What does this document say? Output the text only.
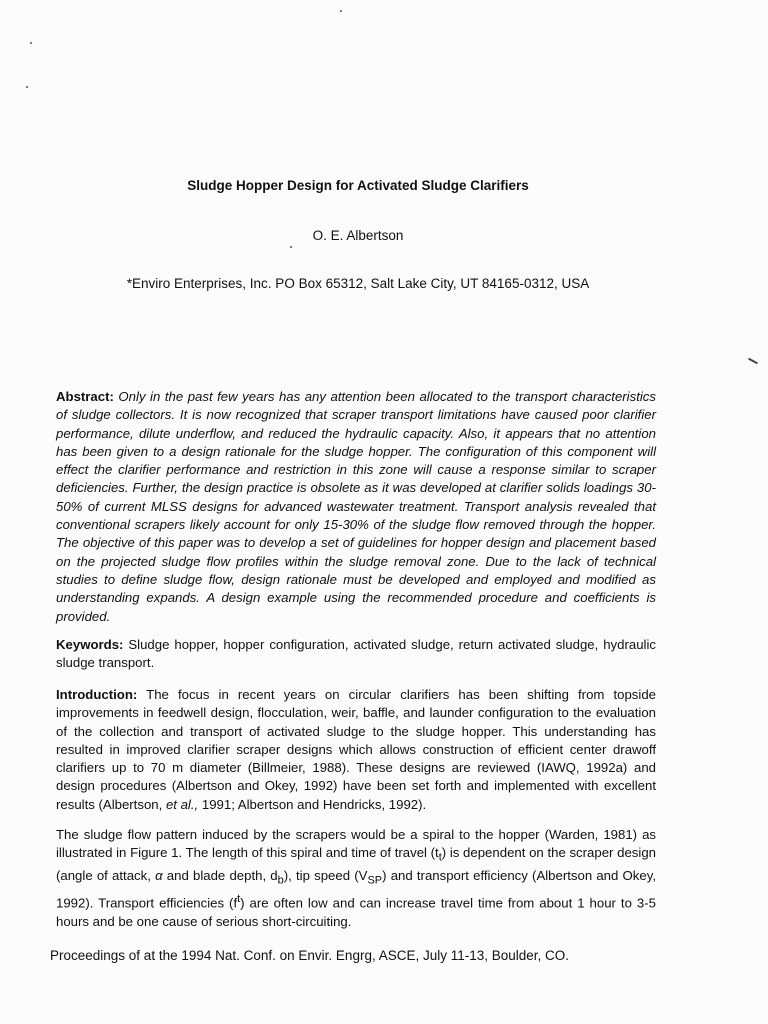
Sludge Hopper Design for Activated Sludge Clarifiers
O. E. Albertson
*Enviro Enterprises, Inc. PO Box 65312, Salt Lake City, UT 84165-0312, USA
Abstract: Only in the past few years has any attention been allocated to the transport characteristics of sludge collectors. It is now recognized that scraper transport limitations have caused poor clarifier performance, dilute underflow, and reduced the hydraulic capacity. Also, it appears that no attention has been given to a design rationale for the sludge hopper. The configuration of this component will effect the clarifier performance and restriction in this zone will cause a response similar to scraper deficiencies. Further, the design practice is obsolete as it was developed at clarifier solids loadings 30-50% of current MLSS designs for advanced wastewater treatment. Transport analysis revealed that conventional scrapers likely account for only 15-30% of the sludge flow removed through the hopper. The objective of this paper was to develop a set of guidelines for hopper design and placement based on the projected sludge flow profiles within the sludge removal zone. Due to the lack of technical studies to define sludge flow, design rationale must be developed and employed and modified as understanding expands. A design example using the recommended procedure and coefficients is provided.
Keywords: Sludge hopper, hopper configuration, activated sludge, return activated sludge, hydraulic sludge transport.
Introduction: The focus in recent years on circular clarifiers has been shifting from topside improvements in feedwell design, flocculation, weir, baffle, and launder configuration to the evaluation of the collection and transport of activated sludge to the sludge hopper. This understanding has resulted in improved clarifier scraper designs which allows construction of efficient center drawoff clarifiers up to 70 m diameter (Billmeier, 1988). These designs are reviewed (IAWQ, 1992a) and design procedures (Albertson and Okey, 1992) have been set forth and implemented with excellent results (Albertson, et al., 1991; Albertson and Hendricks, 1992).
The sludge flow pattern induced by the scrapers would be a spiral to the hopper (Warden, 1981) as illustrated in Figure 1. The length of this spiral and time of travel $(t_t)$ is dependent on the scraper design (angle of attack, α and blade depth, $d_b$), tip speed $(V_{SP})$ and transport efficiency (Albertson and Okey, 1992). Transport efficiencies $(f^t)$ are often low and can increase travel time from about 1 hour to 3-5 hours and be one cause of serious short-circuiting.
Proceedings of at the 1994 Nat. Conf. on Envir. Engrg, ASCE, July 11-13, Boulder, CO.
